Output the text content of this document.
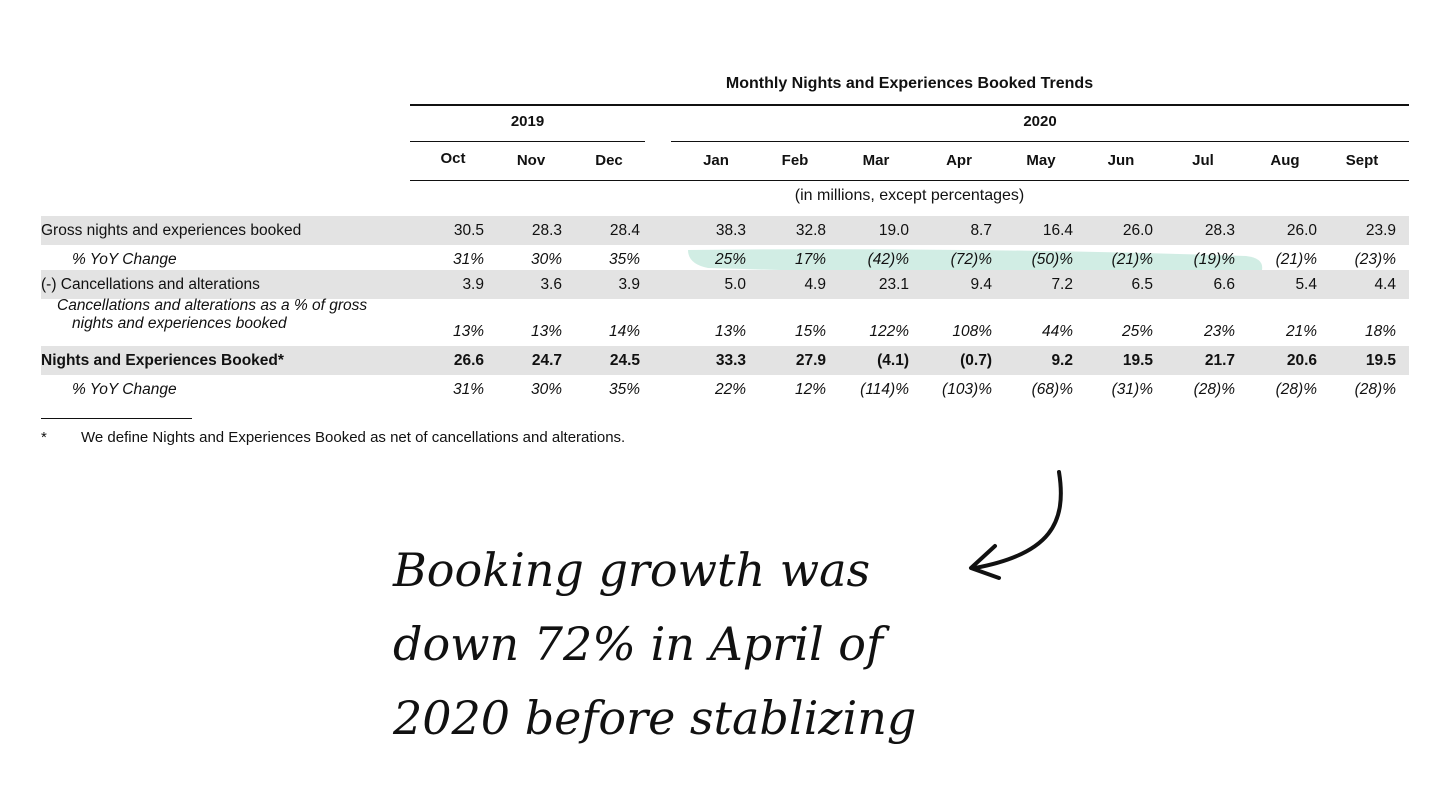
Monthly Nights and Experiences Booked Trends
2019	2020
Oct	Nov	Dec	Jan	Feb	Mar	Apr	May	Jun	Jul	Aug	Sept
(in millions, except percentages)
Gross nights and experiences booked	30.5	28.3	28.4	38.3	32.8	19.0	8.7	16.4	26.0	28.3	26.0	23.9
% YoY Change	31%	30%	35%	25%	17%	(42)%	(72)%	(50)%	(21)%	(19)%	(21)%	(23)%
(-) Cancellations and alterations	3.9	3.6	3.9	5.0	4.9	23.1	9.4	7.2	6.5	6.6	5.4	4.4
Cancellations and alterations as a % of gross
nights and experiences booked	13%	13%	14%	13%	15%	122%	108%	44%	25%	23%	21%	18%
Nights and Experiences Booked*	26.6	24.7	24.5	33.3	27.9	(4.1)	(0.7)	9.2	19.5	21.7	20.6	19.5
% YoY Change	31%	30%	35%	22%	12%	(114)%	(103)%	(68)%	(31)%	(28)%	(28)%	(28)%
* We define Nights and Experiences Booked as net of cancellations and alterations.
Booking growth was
down 72% in April of
2020 before stablizing
